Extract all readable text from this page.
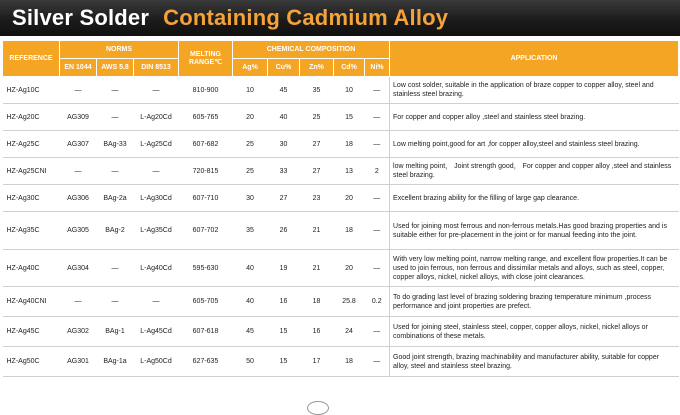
Silver Solder Containing Cadmium Alloy
REFERENCE	NORMS			MELTING RANGE℃	CHEMICAL COMPOSITION					APPLICATION
	EN 1044	AWS 5.8	DIN 8513		Ag%	Cu%	Zn%	Cd%	Ni%	
HZ-Ag10C	—	—	—	810-900	10	45	35	10	—	Low cost solder, suitable in the application of braze copper to copper alloy, steel and stainless steel brazing.
HZ-Ag20C	AG309	—	L-Ag20Cd	605-765	20	40	25	15	—	For copper and copper alloy ,steel and stainless steel brazing.
HZ-Ag25C	AG307	BAg-33	L-Ag25Cd	607-682	25	30	27	18	—	Low melting point,good for art ,for copper alloy,steel and stainless steel brazing.
HZ-Ag25CNI	—	—	—	720-815	25	33	27	13	2	low melting point， Joint strength good， For copper and copper alloy ,steel and stainless steel brazing.
HZ-Ag30C	AG306	BAg-2a	L-Ag30Cd	607-710	30	27	23	20	—	Excellent brazing ability for the filling of large gap clearance.
HZ-Ag35C	AG305	BAg-2	L-Ag35Cd	607-702	35	26	21	18	—	Used for joining most ferrous and non-ferrous metals.Has good brazing properties and is suitable either for pre-placement in the joint or for manual feeding into the joint.
HZ-Ag40C	AG304	—	L-Ag40Cd	595-630	40	19	21	20	—	With very low melting point, narrow melting range, and excellent flow properties.It can be used to join ferrous, non ferrous and dissimilar metals and alloys, such as steel, copper, copper alloys, nickel, nickel alloys, with close joint clearances.
HZ-Ag40CNI	—	—	—	605-705	40	16	18	25.8	0.2	To do grading last level of brazing soldering brazing temperature minimum ,process performance and joint properties are prefect.
HZ-Ag45C	AG302	BAg-1	L-Ag45Cd	607-618	45	15	16	24	—	Used for joining steel, stainless steel, copper, copper alloys, nickel, nickel alloys or combinations of these metals.
HZ-Ag50C	AG301	BAg-1a	L-Ag50Cd	627-635	50	15	17	18	—	Good joint strength, brazing machinability and manufacturer ability, suitable for copper alloy, steel and stainless steel brazing.
